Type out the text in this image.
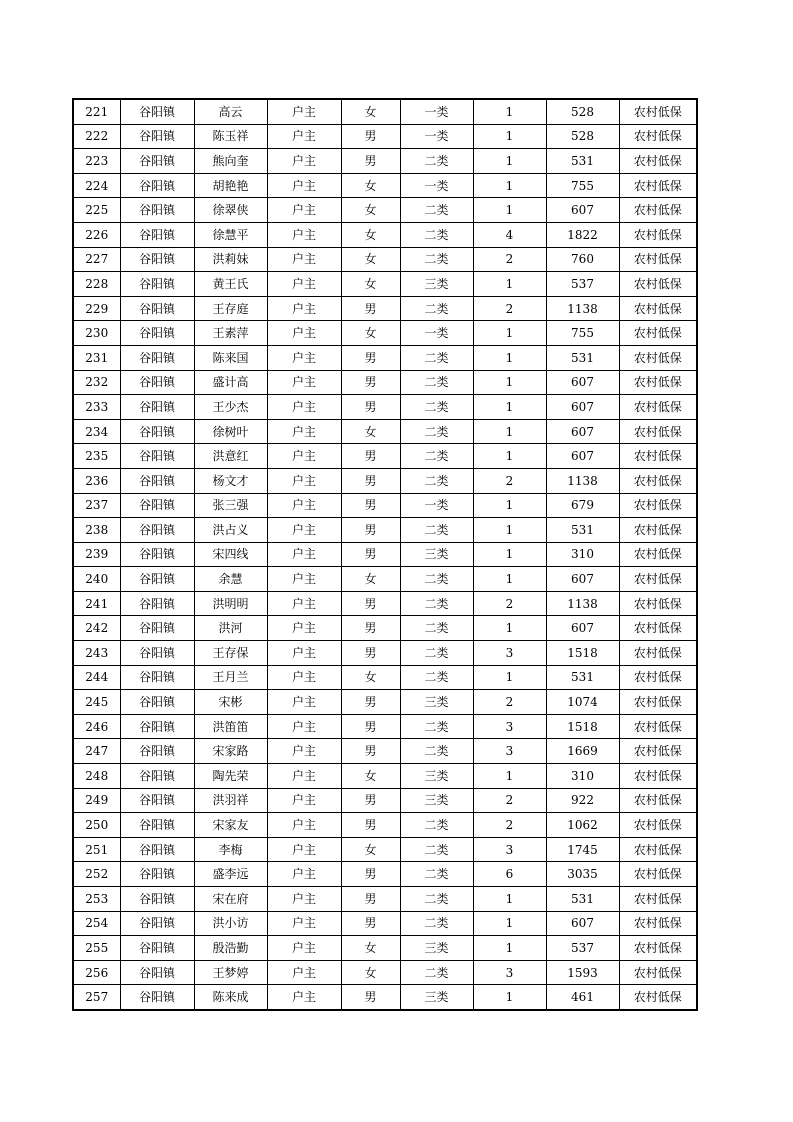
221	谷阳镇	高云	户主	女	一类	1	528	农村低保
222	谷阳镇	陈玉祥	户主	男	一类	1	528	农村低保
223	谷阳镇	熊向奎	户主	男	二类	1	531	农村低保
224	谷阳镇	胡艳艳	户主	女	一类	1	755	农村低保
225	谷阳镇	徐翠侠	户主	女	二类	1	607	农村低保
226	谷阳镇	徐慧平	户主	女	二类	4	1822	农村低保
227	谷阳镇	洪莉妹	户主	女	二类	2	760	农村低保
228	谷阳镇	黄王氏	户主	女	三类	1	537	农村低保
229	谷阳镇	王存庭	户主	男	二类	2	1138	农村低保
230	谷阳镇	王素萍	户主	女	一类	1	755	农村低保
231	谷阳镇	陈来国	户主	男	二类	1	531	农村低保
232	谷阳镇	盛计高	户主	男	二类	1	607	农村低保
233	谷阳镇	王少杰	户主	男	二类	1	607	农村低保
234	谷阳镇	徐树叶	户主	女	二类	1	607	农村低保
235	谷阳镇	洪意红	户主	男	二类	1	607	农村低保
236	谷阳镇	杨文才	户主	男	二类	2	1138	农村低保
237	谷阳镇	张三强	户主	男	一类	1	679	农村低保
238	谷阳镇	洪占义	户主	男	二类	1	531	农村低保
239	谷阳镇	宋四线	户主	男	三类	1	310	农村低保
240	谷阳镇	余慧	户主	女	二类	1	607	农村低保
241	谷阳镇	洪明明	户主	男	二类	2	1138	农村低保
242	谷阳镇	洪河	户主	男	二类	1	607	农村低保
243	谷阳镇	王存保	户主	男	二类	3	1518	农村低保
244	谷阳镇	王月兰	户主	女	二类	1	531	农村低保
245	谷阳镇	宋彬	户主	男	三类	2	1074	农村低保
246	谷阳镇	洪笛笛	户主	男	二类	3	1518	农村低保
247	谷阳镇	宋家路	户主	男	二类	3	1669	农村低保
248	谷阳镇	陶先荣	户主	女	三类	1	310	农村低保
249	谷阳镇	洪羽祥	户主	男	三类	2	922	农村低保
250	谷阳镇	宋家友	户主	男	二类	2	1062	农村低保
251	谷阳镇	李梅	户主	女	二类	3	1745	农村低保
252	谷阳镇	盛李远	户主	男	二类	6	3035	农村低保
253	谷阳镇	宋在府	户主	男	二类	1	531	农村低保
254	谷阳镇	洪小访	户主	男	二类	1	607	农村低保
255	谷阳镇	殷浩勤	户主	女	三类	1	537	农村低保
256	谷阳镇	王梦婷	户主	女	二类	3	1593	农村低保
257	谷阳镇	陈来成	户主	男	三类	1	461	农村低保
